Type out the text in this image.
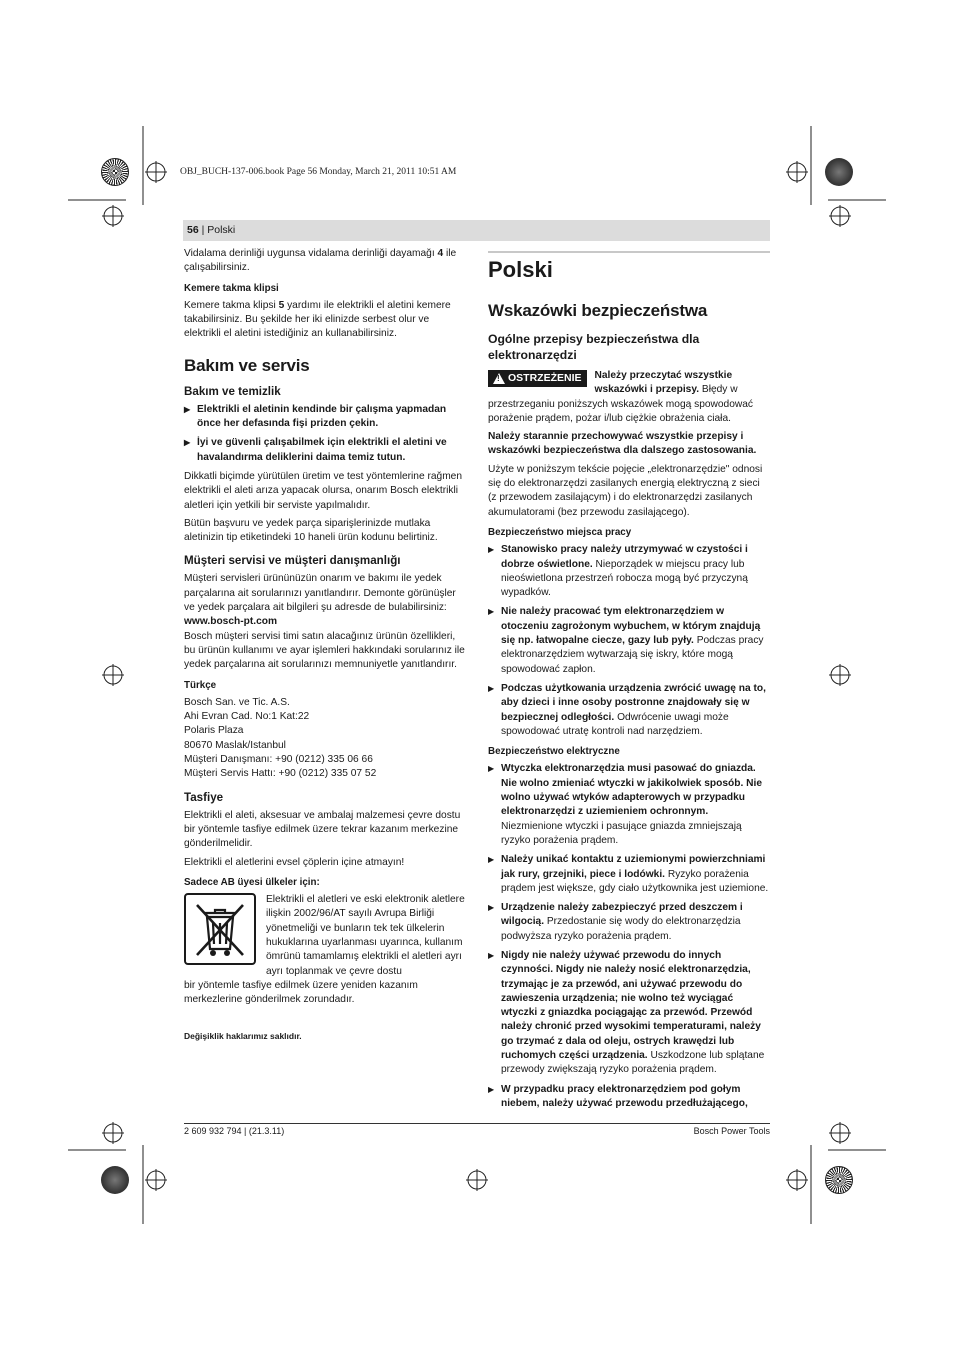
OBJ_BUCH-137-006.book Page 56 Monday, March 21, 2011 10:51 AM
56 | Polski

Vidalama derinliği uygunsa vidalama derinliği dayamağı 4 ile çalışabilirsiniz.

Kemere takma klipsi

Kemere takma klipsi 5 yardımı ile elektrikli el aletini kemere takabilirsiniz. Bu şekilde her iki elinizde serbest olur ve elektrikli el aletini istediğiniz an kullanabilirsiniz.

Bakım ve servis
Bakım ve temizlik
▶ Elektrikli el aletinin kendinde bir çalışma yapmadan önce her defasında fişi prizden çekin.
▶ İyi ve güvenli çalışabilmek için elektrikli el aletini ve havalandırma deliklerini daima temiz tutun.

Dikkatli biçimde yürütülen üretim ve test yöntemlerine rağmen elektrikli el aleti arıza yapacak olursa, onarım Bosch elektrikli aletleri için yetkili bir serviste yapılmalıdır.

Bütün başvuru ve yedek parça siparişlerinizde mutlaka aletinizin tip etiketindeki 10 haneli ürün kodunu belirtiniz.

Müşteri servisi ve müşteri danışmanlığı

Müşteri servisleri ürününüzün onarım ve bakımı ile yedek parçalarına ait sorularınızı yanıtlandırır. Demonte görünüşler ve yedek parçalara ait bilgileri şu adresde de bulabilirsiniz:
www.bosch-pt.com

Bosch müşteri servisi timi satın alacağınız ürünün özellikleri, bu ürünün kullanımı ve ayar işlemleri hakkındaki sorularınız ile yedek parçalarına ait sorularınızı memnuniyetle yanıtlandırır.

Türkçe
Bosch San. ve Tic. A.S.
Ahi Evran Cad. No:1 Kat:22
Polaris Plaza
80670 Maslak/Istanbul
Müşteri Danışmanı: +90 (0212) 335 06 66
Müşteri Servis Hattı: +90 (0212) 335 07 52
Tasfiye

Elektrikli el aleti, aksesuar ve ambalaj malzemesi çevre dostu bir yöntemle tasfiye edilmek üzere tekrar kazanım merkezine gönderilmelidir.

Elektrikli el aletlerini evsel çöplerin içine atmayın!

Sadece AB üyesi ülkeler için:
Elektrikli el aletleri ve eski elektronik aletlere ilişkin 2002/96/AT sayılı Avrupa Birliği yönetmeliği ve bunların tek tek ülkelerin hukuklarına uyarlanması uyarınca, kullanım ömrünü tamamlamış elektrikli el aletleri ayrı ayrı toplanmak ve çevre dostu

bir yöntemle tasfiye edilmek üzere yeniden kazanım merkezlerine gönderilmek zorundadır.

Değişiklik haklarımız saklıdır.
Polski
Wskazówki bezpieczeństwa
Ogólne przepisy bezpieczeństwa dla elektronarzędzi
!
OSTRZEŻENIE Należy przeczytać wszystkie wskazówki i przepisy. Błędy w

przestrzeganiu poniższych wskazówek mogą spowodować porażenie prądem, pożar i/lub ciężkie obrażenia ciała.

Należy starannie przechowywać wszystkie przepisy i wskazówki bezpieczeństwa dla dalszego zastosowania.

Użyte w poniższym tekście pojęcie „elektronarzędzie" odnosi się do elektronarzędzi zasilanych energią elektryczną z sieci (z przewodem zasilającym) i do elektronarzędzi zasilanych akumulatorami (bez przewodu zasilającego).

Bezpieczeństwo miejsca pracy
▶ Stanowisko pracy należy utrzymywać w czystości i dobrze oświetlone. Nieporządek w miejscu pracy lub nieoświetlona przestrzeń robocza mogą być przyczyną wypadków.
▶ Nie należy pracować tym elektronarzędziem w otoczeniu zagrożonym wybuchem, w którym znajdują się np. łatwopalne ciecze, gazy lub pyły. Podczas pracy elektronarzędziem wytwarzają się iskry, które mogą spowodować zapłon.
▶ Podczas użytkowania urządzenia zwrócić uwagę na to, aby dzieci i inne osoby postronne znajdowały się w bezpiecznej odległości. Odwrócenie uwagi może spowodować utratę kontroli nad narzędziem.
Bezpieczeństwo elektryczne
▶ Wtyczka elektronarzędzia musi pasować do gniazda. Nie wolno zmieniać wtyczki w jakikolwiek sposób. Nie wolno używać wtyków adapterowych w przypadku elektronarzędzi z uziemieniem ochronnym. Niezmienione wtyczki i pasujące gniazda zmniejszają ryzyko porażenia prądem.
▶ Należy unikać kontaktu z uziemionymi powierzchniami jak rury, grzejniki, piece i lodówki. Ryzyko porażenia prądem jest większe, gdy ciało użytkownika jest uziemione.
▶ Urządzenie należy zabezpieczyć przed deszczem i wilgocią. Przedostanie się wody do elektronarzędzia podwyższa ryzyko porażenia prądem.
▶ Nigdy nie należy używać przewodu do innych czynności. Nigdy nie należy nosić elektronarzędzia, trzymając je za przewód, ani używać przewodu do zawieszenia urządzenia; nie wolno też wyciągać wtyczki z gniazdka pociągając za przewód. Przewód należy chronić przed wysokimi temperaturami, należy go trzymać z dala od oleju, ostrych krawędzi lub ruchomych części urządzenia. Uszkodzone lub splątane przewody zwiększają ryzyko porażenia prądem.
▶ W przypadku pracy elektronarzędziem pod gołym niebem, należy używać przewodu przedłużającego,
2 609 932 794 | (21.3.11)	Bosch Power Tools
